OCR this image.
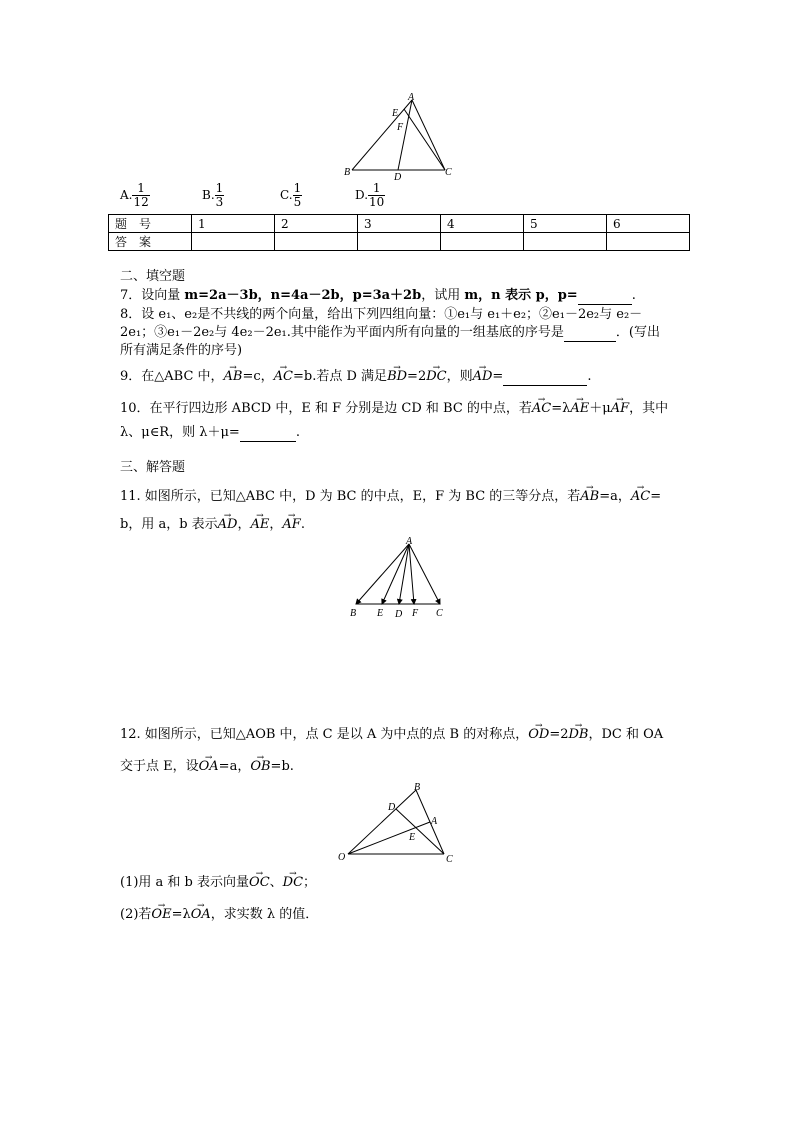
A
E
F
B	D	C
A. $\frac{1}{12}$	B. $\frac{1}{3}$	C. $\frac{1}{5}$	D. $\frac{1}{10}$
题　号	1	2	3	4	5	6
答　案						
二、填空题
7．设向量 m=2a－3b，n=4a－2b，p=3a＋2b，试用 m，n 表示 p，p=	.
8．设 e₁、e₂是不共线的两个向量，给出下列四组向量：①e₁与 e₁＋e₂；②e₁－2e₂与 e₂－
2e₁；③e₁－2e₂与 4e₂－2e₁.其中能作为平面内所有向量的一组基底的序号是	．(写出
所有满足条件的序号)
9．在△ABC 中，→ AB=c，→ AC=b.若点 D 满足→ BD=2→ DC，则→ AD=	.
10．在平行四边形 ABCD 中，E 和 F 分别是边 CD 和 BC 的中点，若→ AC=λ→ AE＋μ→ AF，其中
λ、μ∈R，则 λ＋μ=	.
三、解答题
11. 如图所示，已知△ABC 中，D 为 BC 的中点，E，F 为 BC 的三等分点，若→ AB=a，→ AC=
b，用 a，b 表示→ AD，→ AE，→ AF.
A
B E D F C
12. 如图所示，已知△AOB 中，点 C 是以 A 为中点的点 B 的对称点，→ OD=2→ DB，DC 和 OA
交于点 E，设→ OA=a，→ OB=b.
B
D
A
E
O	C
(1)用 a 和 b 表示向量→ OC、→ DC；
(2)若→ OE=λ→ OA，求实数 λ 的值．
